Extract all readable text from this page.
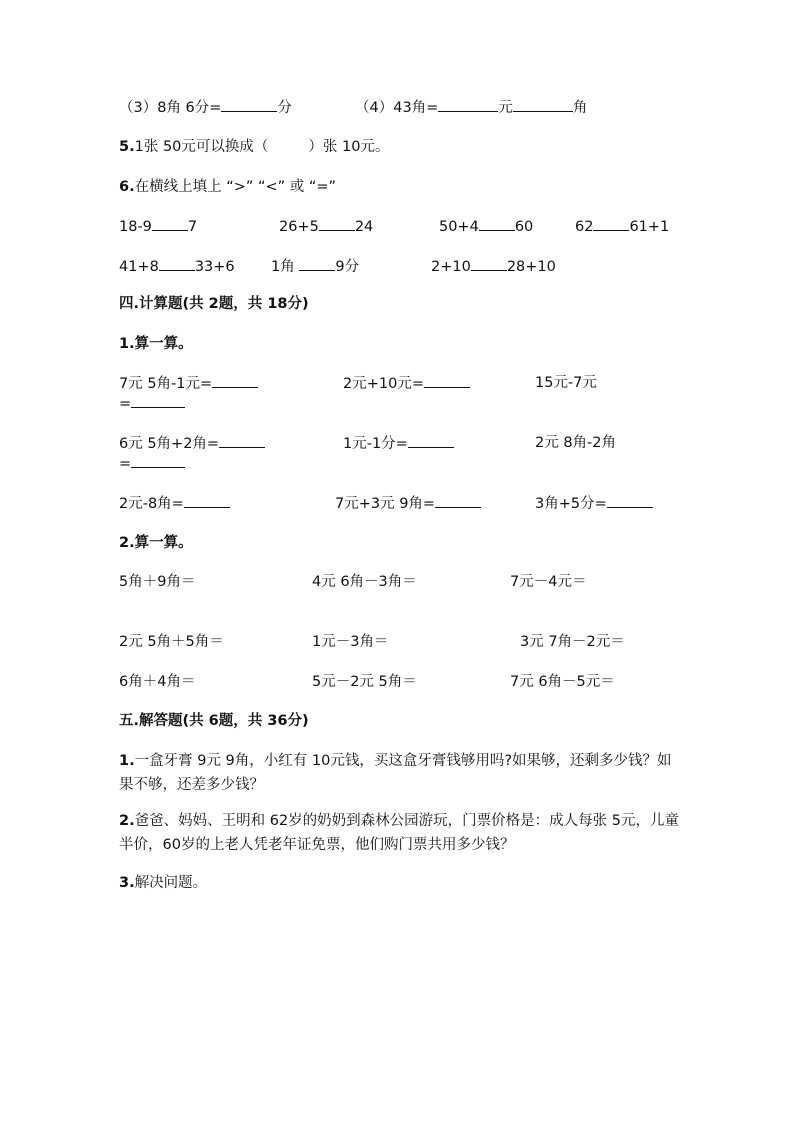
（3）8角 6分=	分	（4）43角=	元	角
5.1张 50元可以换成（	）张 10元。
6.在横线上填上 “>” “<” 或 “=”
18-9 7	26+5 24	50+4 60	62 61+1
41+8 33+6	1角 9分	2+10 28+10
四.计算题(共 2题，共 18分)
1.算一算。
7元 5角-1元=	2元+10元=	15元-7元
=
6元 5角+2角=	1元-1分=	2元 8角-2角
=
2元-8角=	7元+3元 9角=	3角+5分=
2.算一算。
5角＋9角＝	4元 6角－3角＝	7元－4元＝
2元 5角＋5角＝	1元－3角＝	3元 7角－2元＝
6角＋4角＝	5元－2元 5角＝	7元 6角－5元＝
五.解答题(共 6题，共 36分)
1.一盒牙膏 9元 9角，小红有 10元钱，买这盒牙膏钱够用吗?如果够，还剩多少钱？如果不够，还差多少钱？
2.爸爸、妈妈、王明和 62岁的奶奶到森林公园游玩，门票价格是：成人每张 5元，儿童半价，60岁的上老人凭老年证免票，他们购门票共用多少钱？
3.解决问题。
